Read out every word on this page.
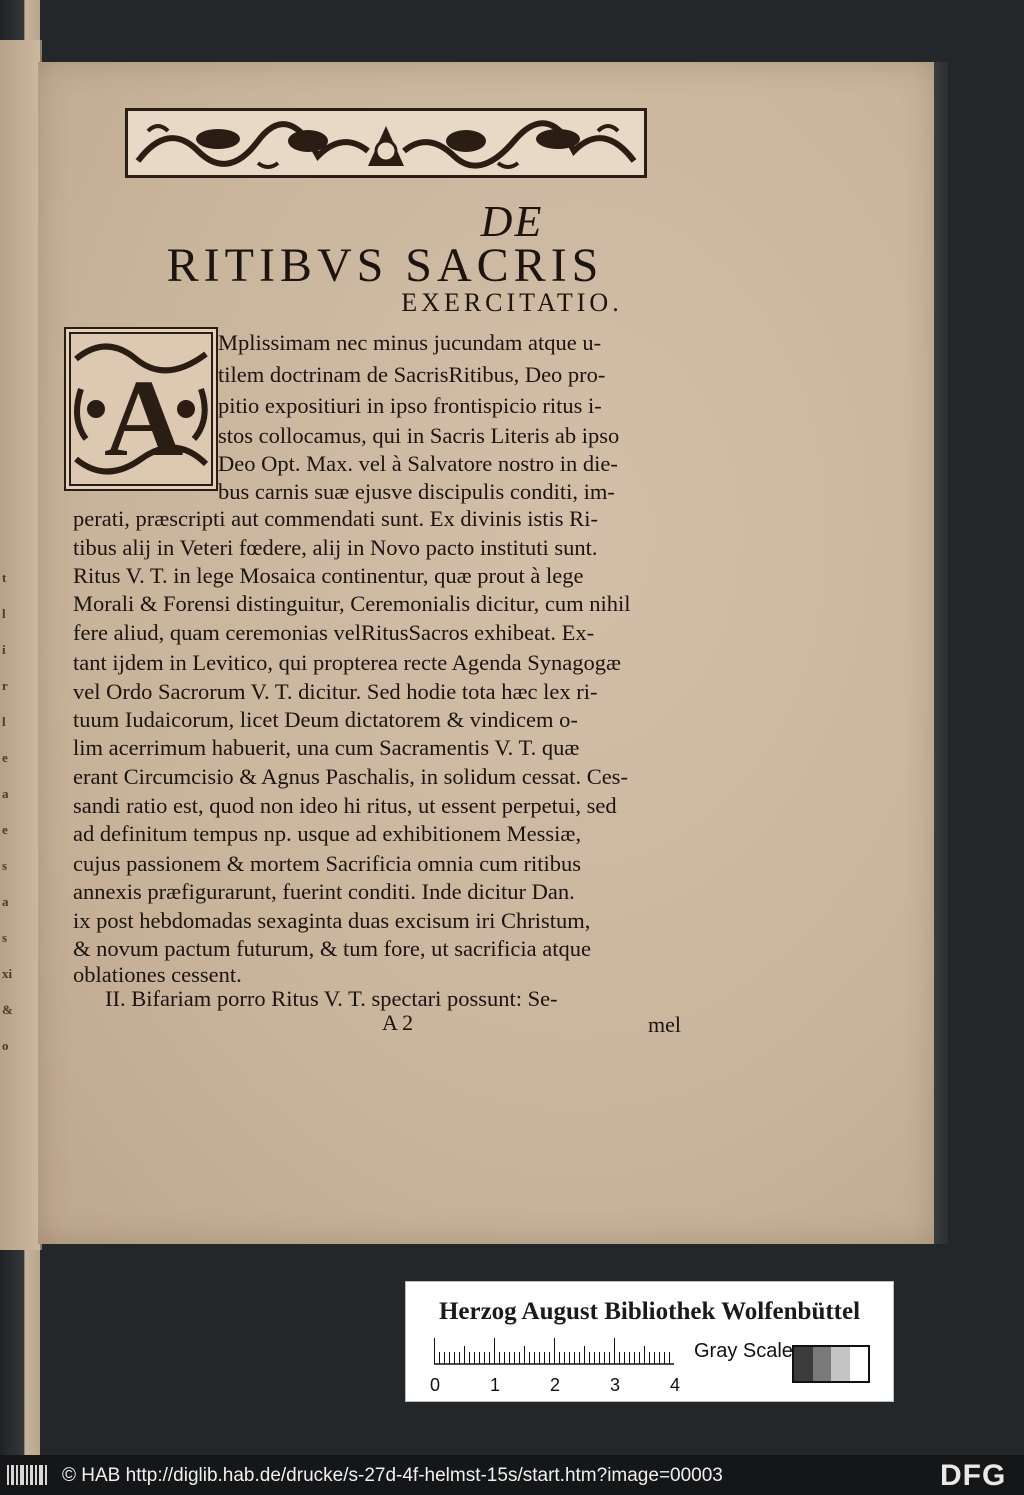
t
l
i
r
l
e
a
e
s
a
s
xi
&
o
DE
RITIBVS SACRIS
EXERCITATIO.
A
Mplissimam nec minus jucundam atque u-
tilem doctrinam de SacrisRitibus, Deo pro-
pitio expositiuri in ipso frontispicio ritus i-
stos collocamus, qui in Sacris Literis ab ipso
Deo Opt. Max. vel à Salvatore nostro in die-
bus carnis suæ ejusve discipulis conditi, im-
perati, præscripti aut commendati sunt. Ex divinis istis Ri-
tibus alij in Veteri fœdere, alij in Novo pacto instituti sunt.
Ritus V. T. in lege Mosaica continentur, quæ prout à lege
Morali & Forensi distinguitur, Ceremonialis dicitur, cum nihil
fere aliud, quam ceremonias velRitusSacros exhibeat. Ex-
tant ijdem in Levitico, qui propterea recte Agenda Synagogæ
vel Ordo Sacrorum V. T. dicitur. Sed hodie tota hæc lex ri-
tuum Iudaicorum, licet Deum dictatorem & vindicem o-
lim acerrimum habuerit, una cum Sacramentis V. T. quæ
erant Circumcisio & Agnus Paschalis, in solidum cessat. Ces-
sandi ratio est, quod non ideo hi ritus, ut essent perpetui, sed
ad definitum tempus np. usque ad exhibitionem Messiæ,
cujus passionem & mortem Sacrificia omnia cum ritibus
annexis præfigurarunt, fuerint conditi. Inde dicitur Dan.
ix post hebdomadas sexaginta duas excisum iri Christum,
& novum pactum futurum, & tum fore, ut sacrificia atque
oblationes cessent.
II. Bifariam porro Ritus V. T. spectari possunt: Se-
A 2	mel
Herzog August Bibliothek Wolfenbüttel
0	1	2	3	4
Gray Scale
© HAB http://diglib.hab.de/drucke/s-27d-4f-helmst-15s/start.htm?image=00003	DFG
